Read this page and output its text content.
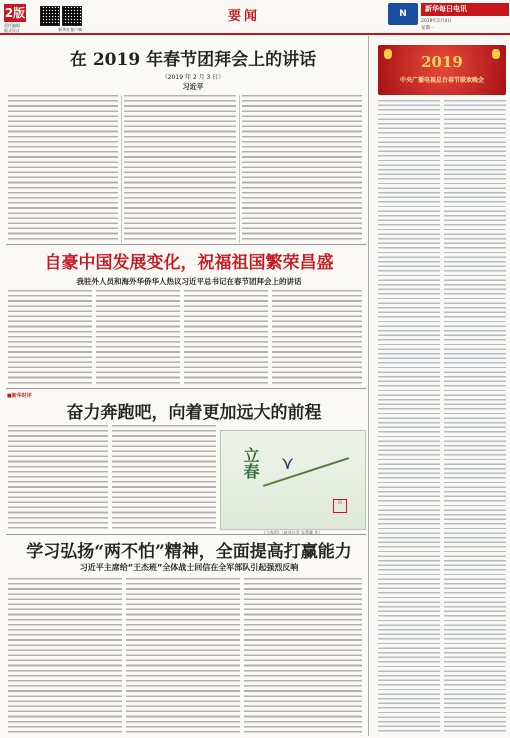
2版
责任编辑
版式设计	新华社客户端
要闻	N	新华每日电讯
2019年2月4日
星期一
在 2019 年春节团拜会上的讲话
（2019 年 2 月 3 日）
习近平
自豪中国发展变化，祝福祖国繁荣昌盛
我驻外人员和海外华侨华人热议习近平总书记在春节团拜会上的讲话
■新华时评
奋力奔跑吧，向着更加远大的前程
立春 ⋎
印
《立春图》（新华社发 朱慧卿 作）
学习弘扬“两不怕”精神，全面提高打赢能力
习近平主席给“王杰班”全体战士回信在全军部队引起强烈反响
2019
中央广播电视总台春节联欢晚会
